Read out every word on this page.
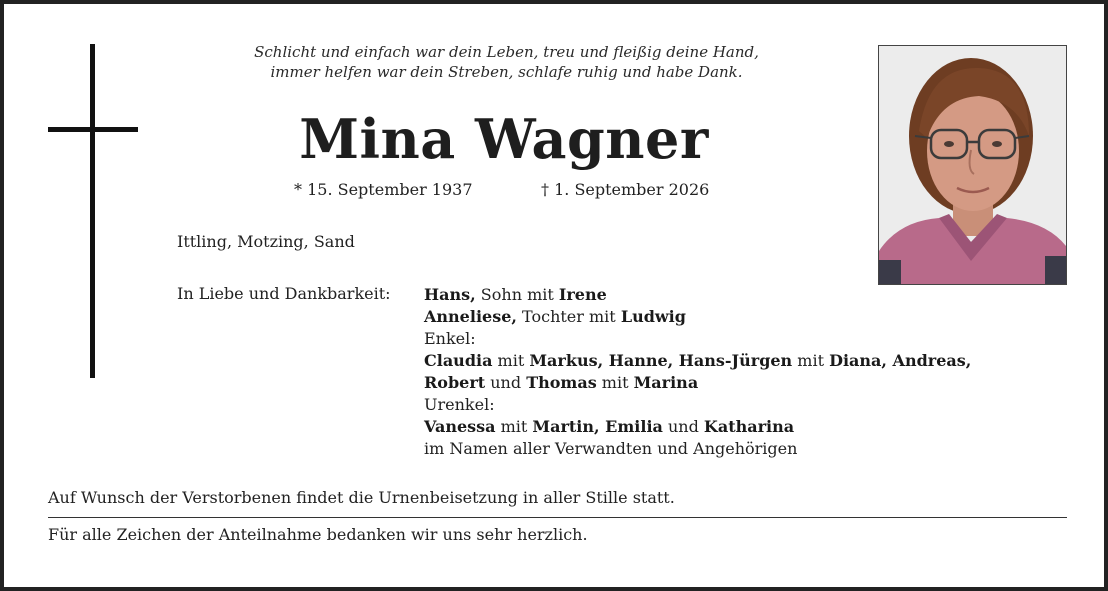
Schlicht und einfach war dein Leben, treu und fleißig deine Hand,
immer helfen war dein Streben, schlafe ruhig und habe Dank.
Mina Wagner
* 15. September 1937	† 1. September 2026
Ittling, Motzing, Sand
In Liebe und Dankbarkeit: Hans, Sohn mit Irene
Anneliese, Tochter mit Ludwig
Enkel:
Claudia mit Markus, Hanne, Hans-Jürgen mit Diana, Andreas,
Robert und Thomas mit Marina
Urenkel:
Vanessa mit Martin, Emilia und Katharina
im Namen aller Verwandten und Angehörigen
Auf Wunsch der Verstorbenen findet die Urnenbeisetzung in aller Stille statt.
Für alle Zeichen der Anteilnahme bedanken wir uns sehr herzlich.
